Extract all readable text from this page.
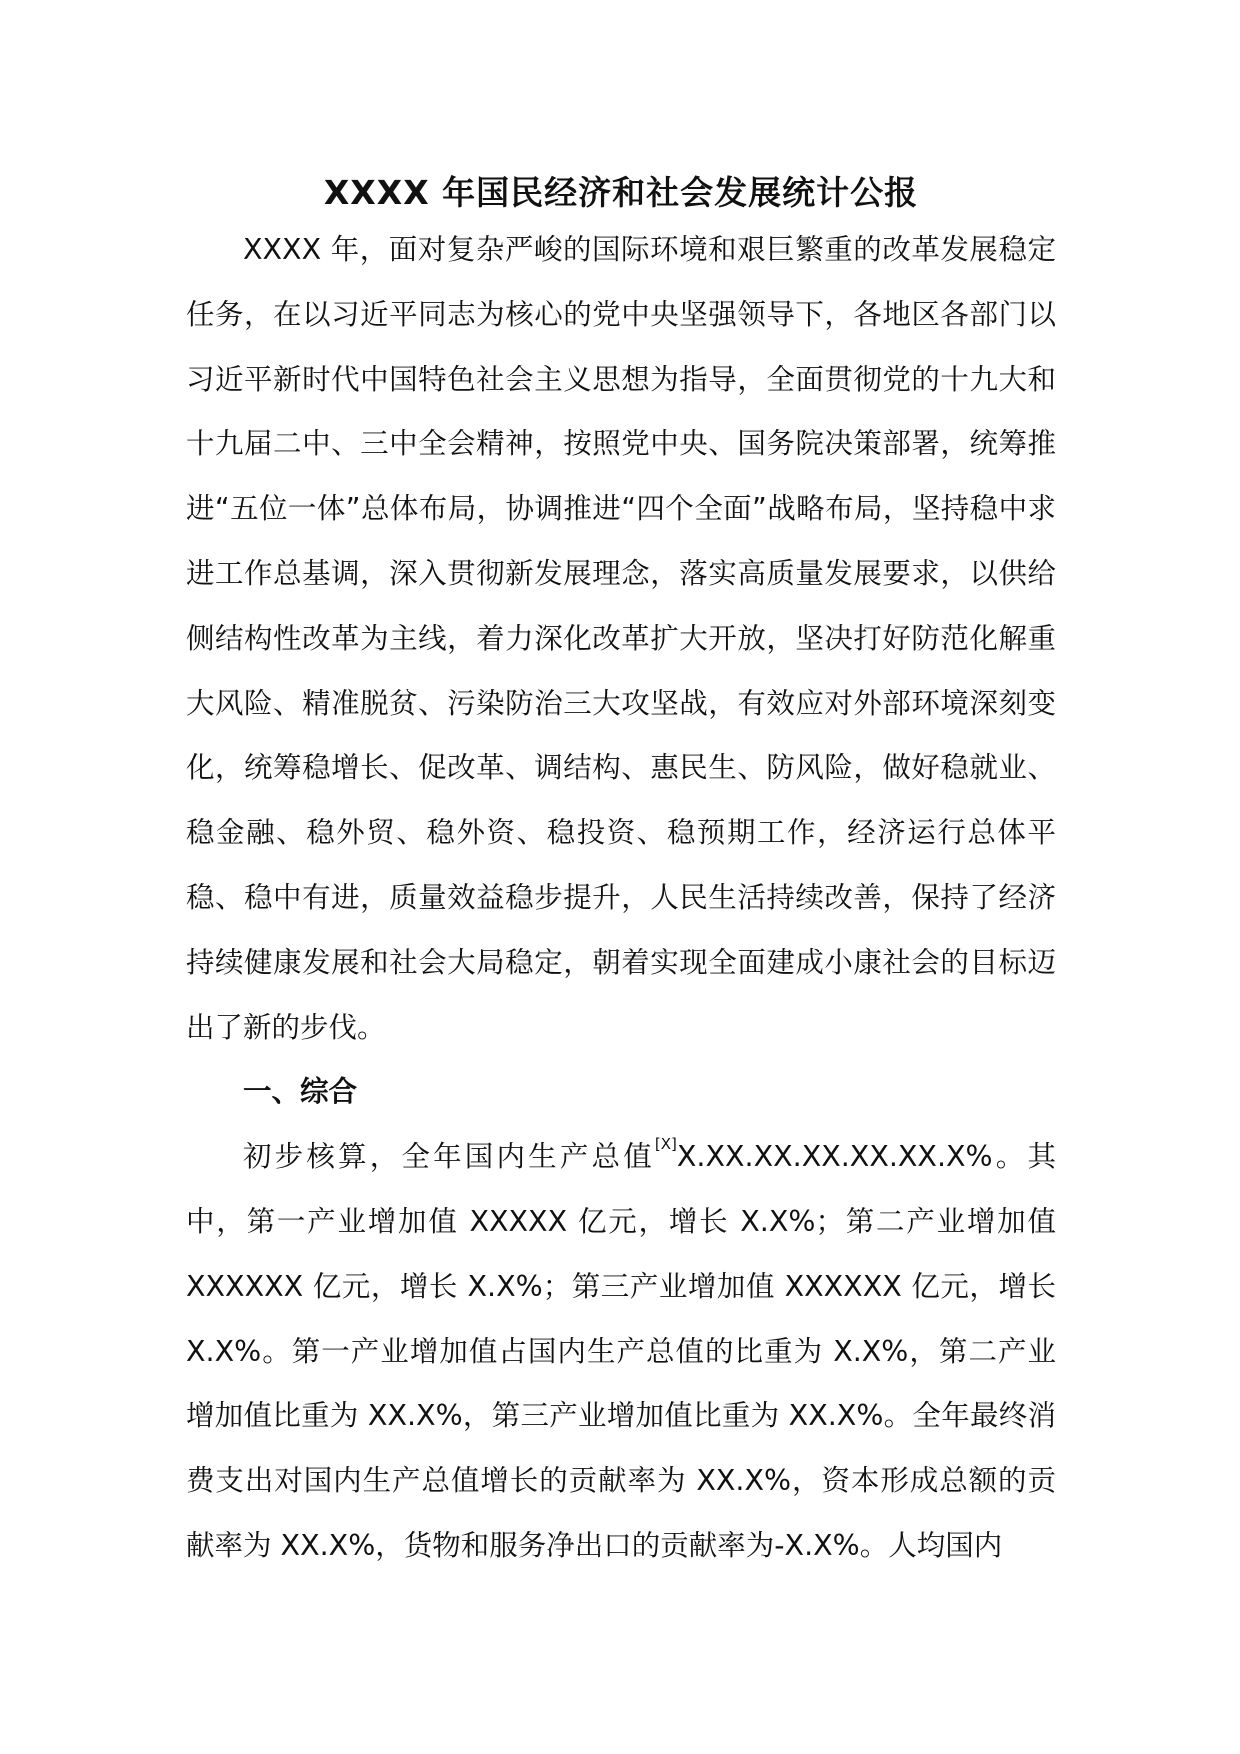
XXXX 年国民经济和社会发展统计公报

XXXX 年，面对复杂严峻的国际环境和艰巨繁重的改革发展稳定任务，在以习近平同志为核心的党中央坚强领导下，各地区各部门以习近平新时代中国特色社会主义思想为指导，全面贯彻党的十九大和十九届二中、三中全会精神，按照党中央、国务院决策部署，统筹推进“五位一体”总体布局，协调推进“四个全面”战略布局，坚持稳中求进工作总基调，深入贯彻新发展理念，落实高质量发展要求，以供给侧结构性改革为主线，着力深化改革扩大开放，坚决打好防范化解重大风险、精准脱贫、污染防治三大攻坚战，有效应对外部环境深刻变化，统筹稳增长、促改革、调结构、惠民生、防风险，做好稳就业、稳金融、稳外贸、稳外资、稳投资、稳预期工作，经济运行总体平稳、稳中有进，质量效益稳步提升，人民生活持续改善，保持了经济持续健康发展和社会大局稳定，朝着实现全面建成小康社会的目标迈出了新的步伐。

一、综合

初步核算，全年国内生产总值[X]X.XX.XX.XX.XX.XX.X%。其中，第一产业增加值 XXXXX 亿元，增长 X.X%；第二产业增加值 XXXXXX 亿元，增长 X.X%；第三产业增加值 XXXXXX 亿元，增长 X.X%。第一产业增加值占国内生产总值的比重为 X.X%，第二产业增加值比重为 XX.X%，第三产业增加值比重为 XX.X%。全年最终消费支出对国内生产总值增长的贡献率为 XX.X%，资本形成总额的贡献率为 XX.X%，货物和服务净出口的贡献率为-X.X%。人均国内
